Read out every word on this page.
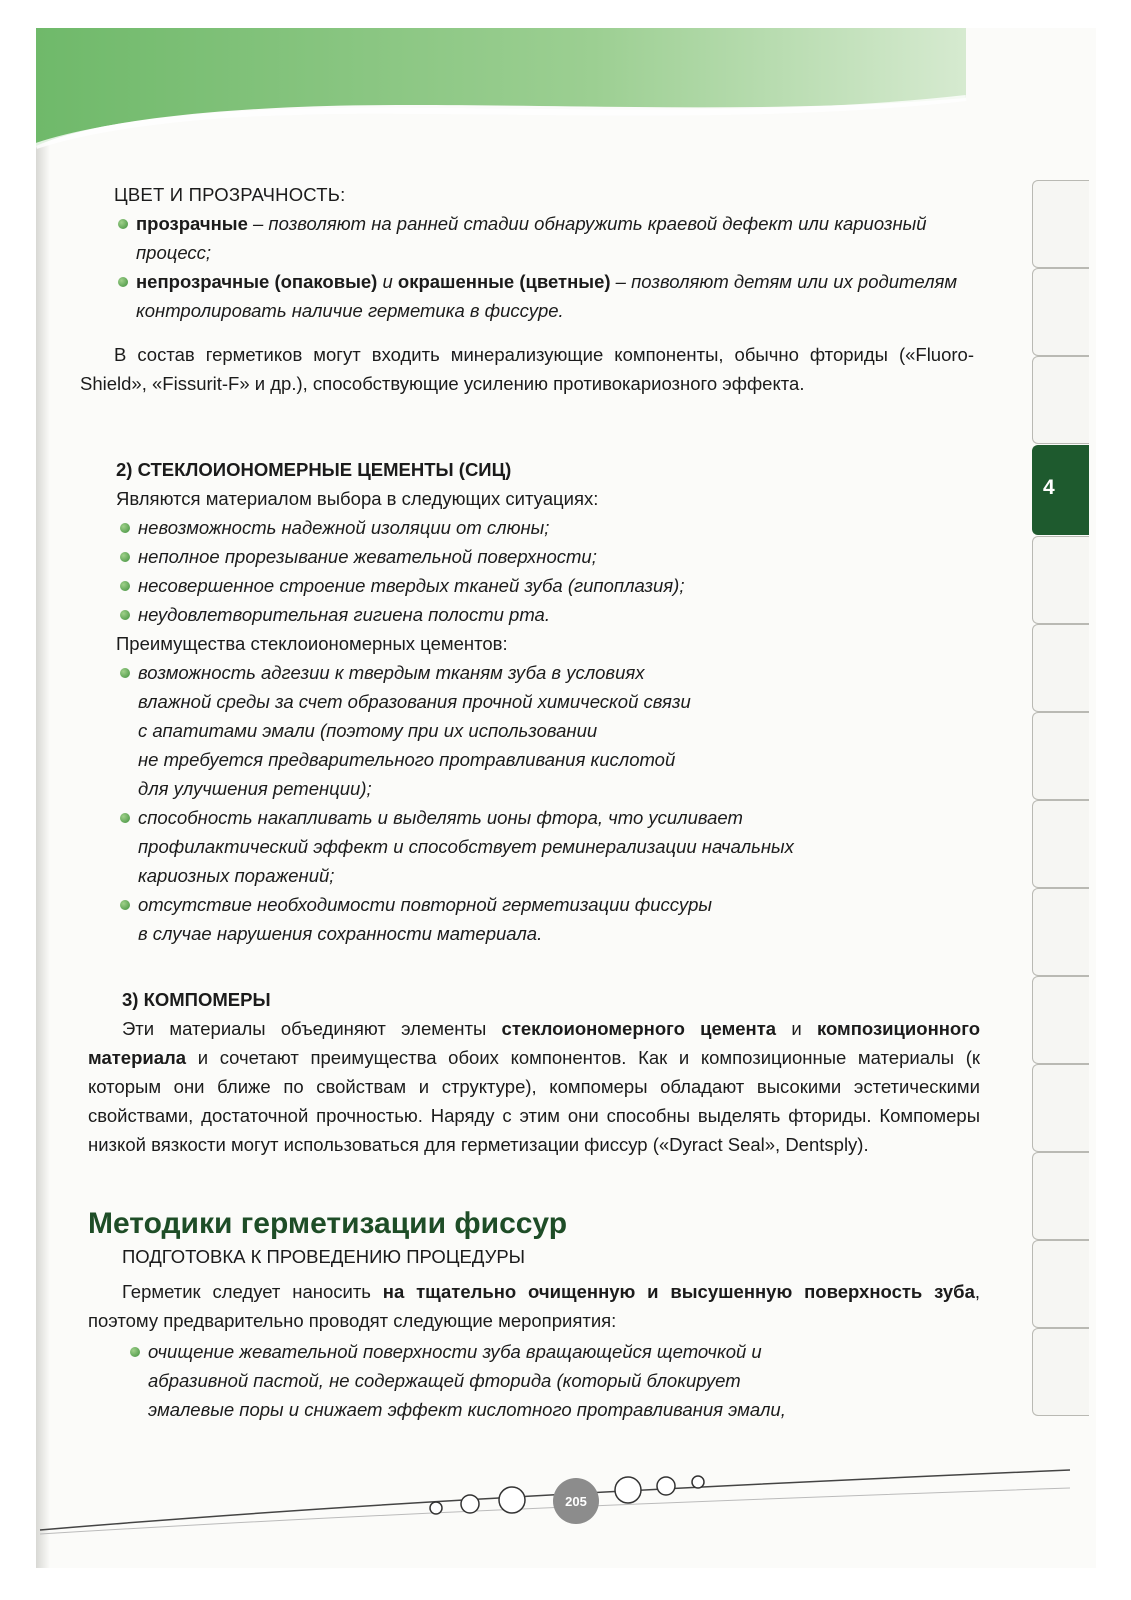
4
ЦВЕТ И ПРОЗРАЧНОСТЬ:
прозрачные – позволяют на ранней стадии обнаружить краевой дефект или кариозный процесс;
непрозрачные (опаковые) и окрашенные (цветные) – позволяют детям или их родителям контролировать наличие герметика в фиссуре.
В состав герметиков могут входить минерализующие компоненты, обычно фториды («Fluoro-Shield», «Fissurit-F» и др.), способствующие усилению противокариозного эффекта.
2) СТЕКЛОИОНОМЕРНЫЕ ЦЕМЕНТЫ (СИЦ)
Являются материалом выбора в следующих ситуациях:
невозможность надежной изоляции от слюны;
неполное прорезывание жевательной поверхности;
несовершенное строение твердых тканей зуба (гипоплазия);
неудовлетворительная гигиена полости рта.
Преимущества стеклоиономерных цементов:
возможность адгезии к твердым тканям зуба в условиях
влажной среды за счет образования прочной химической связи
с апатитами эмали (поэтому при их использовании
не требуется предварительного протравливания кислотой
для улучшения ретенции);
способность накапливать и выделять ионы фтора, что усиливает
профилактический эффект и способствует реминерализации начальных
кариозных поражений;
отсутствие необходимости повторной герметизации фиссуры
в случае нарушения сохранности материала.
3) КОМПОМЕРЫ
Эти материалы объединяют элементы стеклоиономерного цемента и композиционного материала и сочетают преимущества обоих компонентов. Как и композиционные материалы (к которым они ближе по свойствам и структуре), компомеры обладают высокими эстетическими свойствами, достаточной прочностью. Наряду с этим они способны выделять фториды. Компомеры низкой вязкости могут использоваться для герметизации фиссур («Dyract Seal», Dentsply).
Методики герметизации фиссур
ПОДГОТОВКА К ПРОВЕДЕНИЮ ПРОЦЕДУРЫ
Герметик следует наносить на тщательно очищенную и высушенную поверхность зуба, поэтому предварительно проводят следующие мероприятия:
очищение жевательной поверхности зуба вращающейся щеточкой и
абразивной пастой, не содержащей фторида (который блокирует
эмалевые поры и снижает эффект кислотного протравливания эмали,
205
